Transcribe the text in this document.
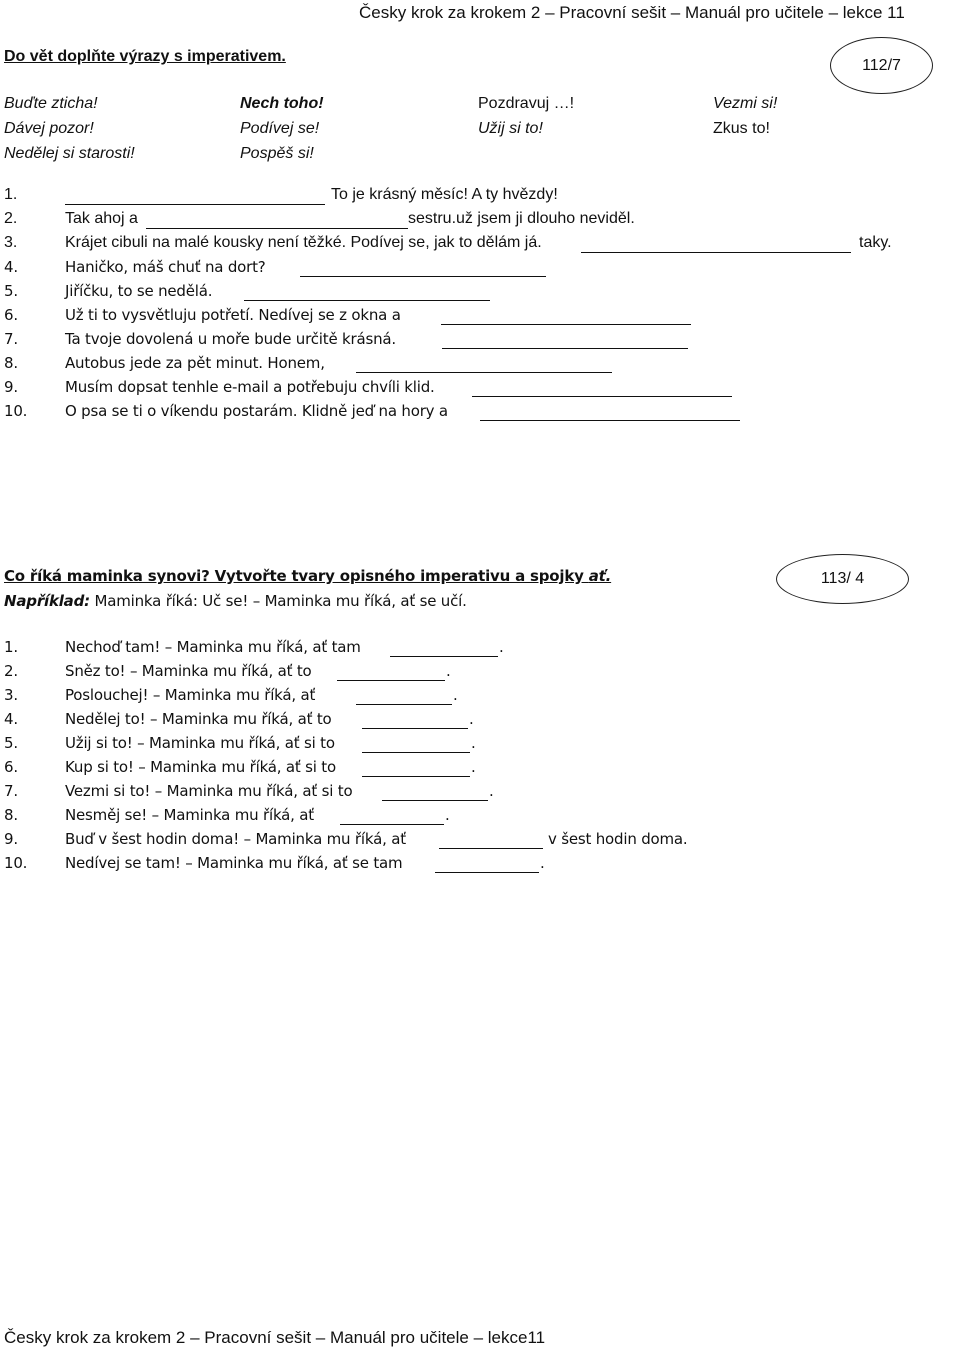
Česky krok za krokem 2 – Pracovní sešit – Manuál pro učitele – lekce 11
Do vět doplňte výrazy s imperativem.	112/7
Buďte zticha!	Nech toho!	Pozdravuj …!	Vezmi si!
Dávej pozor!	Podívej se!	Užij si to!	Zkus to!
Nedělej si starosti!	Pospěš si!
1.	To je krásný měsíc! A ty hvězdy!
2.	Tak ahoj a	sestru.už jsem ji dlouho neviděl.
3.	Krájet cibuli na malé kousky není těžké. Podívej se, jak to dělám já.	taky.
4.	Haničko, máš chuť na dort?
5.	Jiříčku, to se nedělá.
6.	Už ti to vysvětluju potřetí. Nedívej se z okna a
7.	Ta tvoje dovolená u moře bude určitě krásná.
8.	Autobus jede za pět minut. Honem,
9.	Musím dopsat tenhle e-mail a potřebuju chvíli klid.
10.	O psa se ti o víkendu postarám. Klidně jeď na hory a
Co říká maminka synovi? Vytvořte tvary opisného imperativu a spojky ať.	113/ 4
Například: Maminka říká: Uč se! – Maminka mu říká, ať se učí.
1.	Nechoď tam! – Maminka mu říká, ať tam	.
2.	Sněz to! – Maminka mu říká, ať to	.
3.	Poslouchej! – Maminka mu říká, ať	.
4.	Nedělej to! – Maminka mu říká, ať to	.
5.	Užij si to! – Maminka mu říká, ať si to	.
6.	Kup si to! – Maminka mu říká, ať si to	.
7.	Vezmi si to! – Maminka mu říká, ať si to	.
8.	Nesměj se! – Maminka mu říká, ať	.
9.	Buď v šest hodin doma! – Maminka mu říká, ať	v šest hodin doma.
10.	Nedívej se tam! – Maminka mu říká, ať se tam	.
Česky krok za krokem 2 – Pracovní sešit – Manuál pro učitele – lekce11
